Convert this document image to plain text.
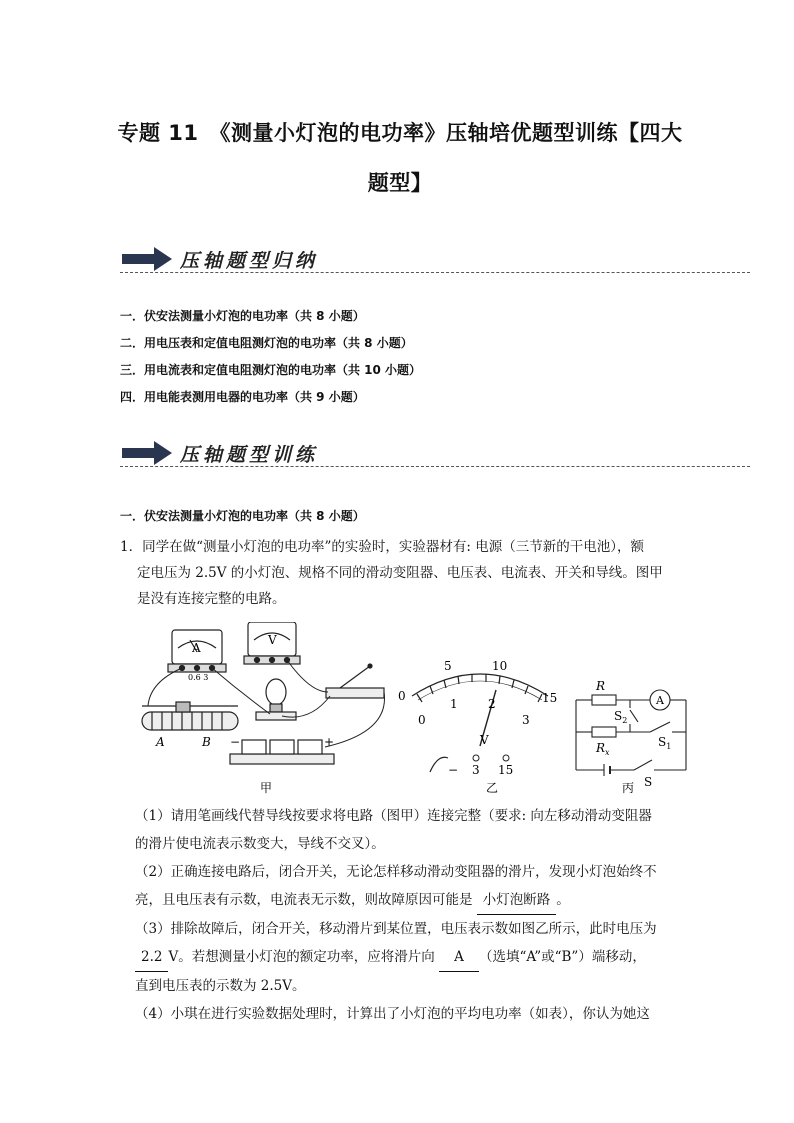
专题 11　《测量小灯泡的电功率》压轴培优题型训练【四大
题型】
压轴题型归纳
一．伏安法测量小灯泡的电功率（共 8 小题）
二．用电压表和定值电阻测灯泡的电功率（共 8 小题）
三．用电流表和定值电阻测灯泡的电功率（共 10 小题）
四．用电能表测用电器的电功率（共 9 小题）
压轴题型训练
一．伏安法测量小灯泡的电功率（共 8 小题）
1．同学在做“测量小灯泡的电功率”的实验时，实验器材有: 电源（三节新的干电池），额
定电压为 2.5V 的小灯泡、规格不同的滑动变阻器、电压表、电流表、开关和导线。图甲
是没有连接完整的电路。
A
0.6 3
V
A	B −	+
甲
0
5	10
15
0
1	2
3
V
− 3 15
乙
A
R
$R_x$
$S_2$
$S_1$
S
丙
（1）请用笔画线代替导线按要求将电路（图甲）连接完整（要求: 向左移动滑动变阻器
的滑片使电流表示数变大，导线不交叉）。
（2）正确连接电路后，闭合开关，无论怎样移动滑动变阻器的滑片，发现小灯泡始终不
亮，且电压表有示数，电流表无示数，则故障原因可能是 小灯泡断路 。
（3）排除故障后，闭合开关，移动滑片到某位置，电压表示数如图乙所示，此时电压为
2.2 V。若想测量小灯泡的额定功率，应将滑片向 A （选填“A”或“B”）端移动，
直到电压表的示数为 2.5V。
（4）小琪在进行实验数据处理时，计算出了小灯泡的平均电功率（如表），你认为她这
